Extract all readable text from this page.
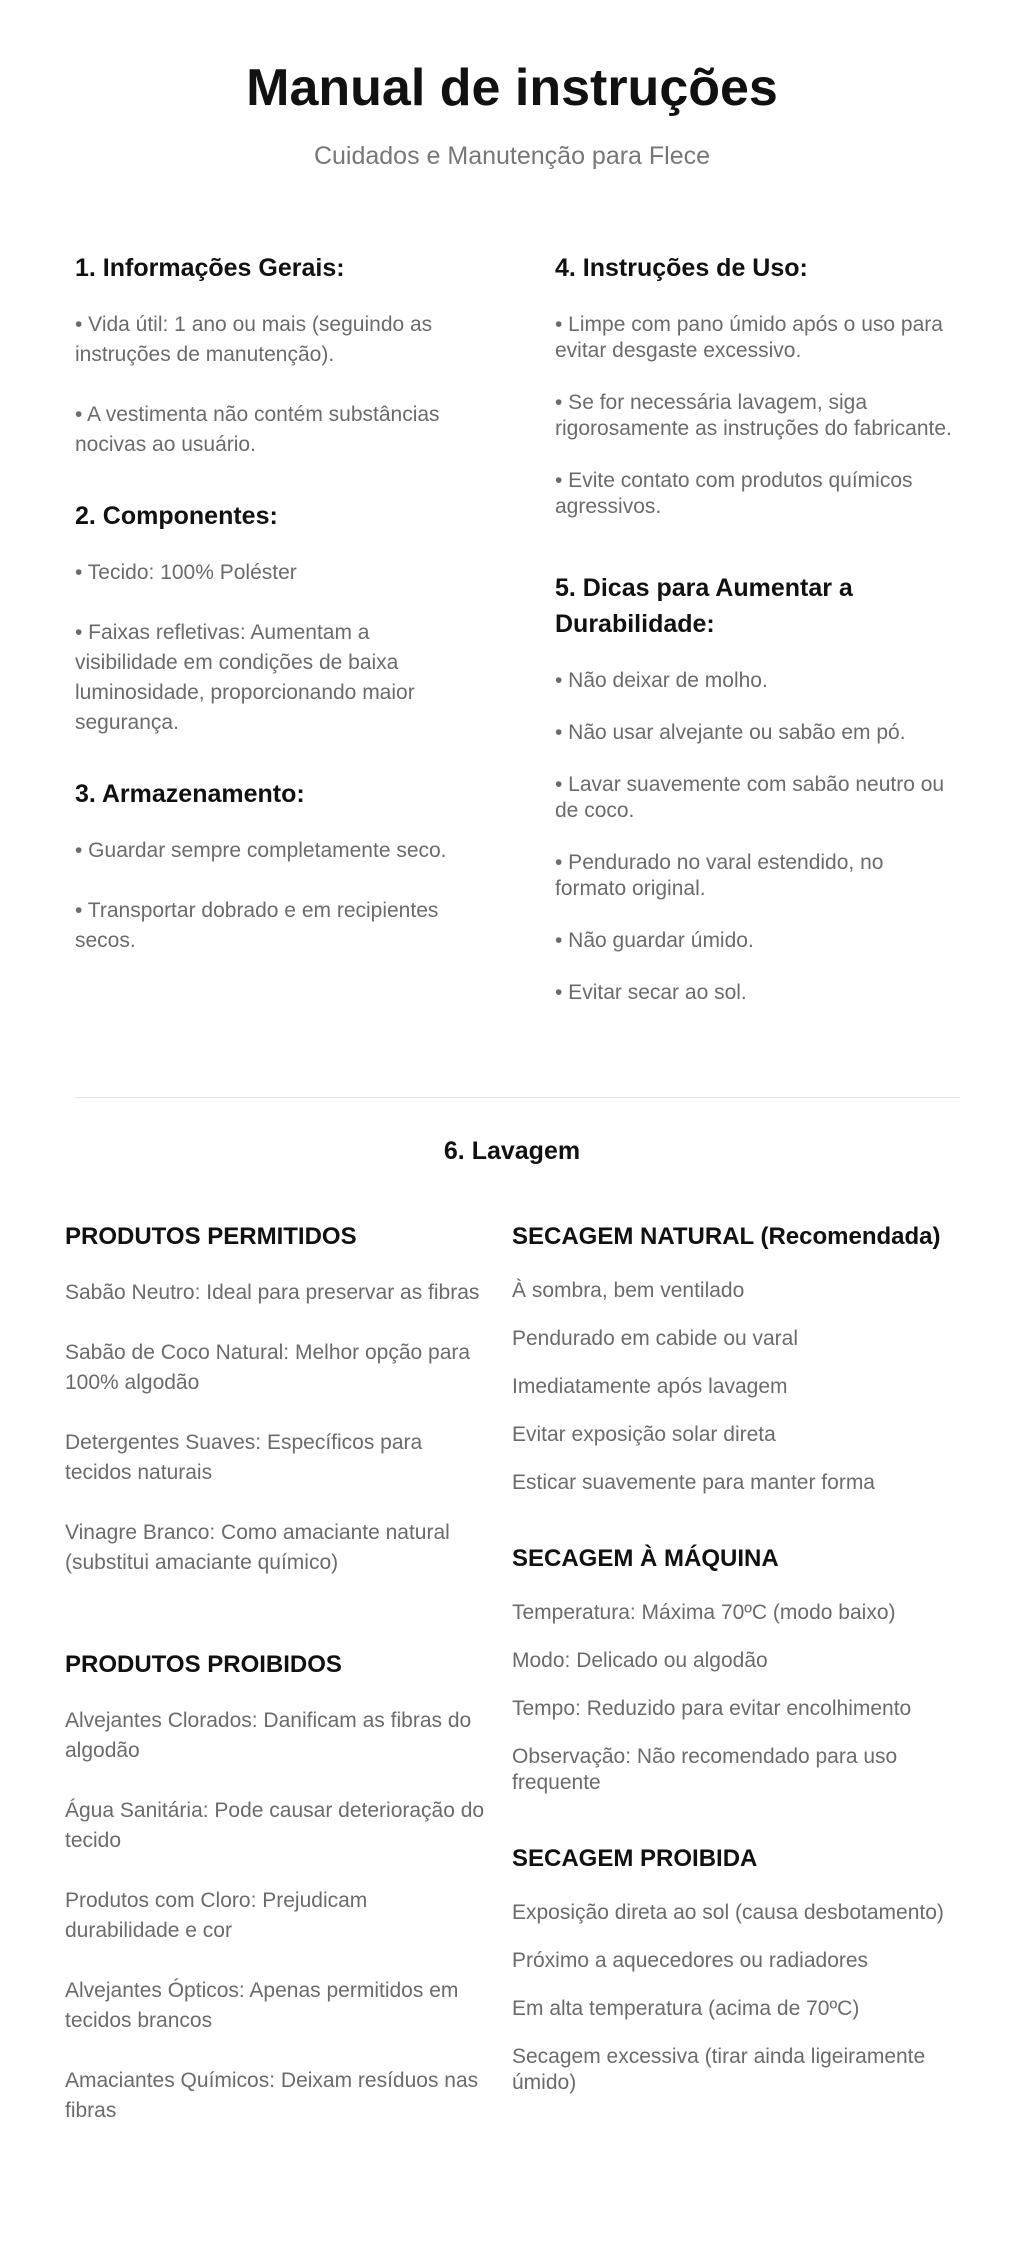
Manual de instruções
Cuidados e Manutenção para Flece
1. Informações Gerais:
• Vida útil: 1 ano ou mais (seguindo as instruções de manutenção).
• A vestimenta não contém substâncias nocivas ao usuário.
2. Componentes:
• Tecido: 100% Poléster
• Faixas refletivas: Aumentam a visibilidade em condições de baixa luminosidade, proporcionando maior segurança.
3. Armazenamento:
• Guardar sempre completamente seco.
• Transportar dobrado e em recipientes secos.
4. Instruções de Uso:
• Limpe com pano úmido após o uso para evitar desgaste excessivo.
• Se for necessária lavagem, siga rigorosamente as instruções do fabricante.
• Evite contato com produtos químicos agressivos.
5. Dicas para Aumentar a Durabilidade:
• Não deixar de molho.
• Não usar alvejante ou sabão em pó.
• Lavar suavemente com sabão neutro ou de coco.
• Pendurado no varal estendido, no formato original.
• Não guardar úmido.
• Evitar secar ao sol.
6. Lavagem
PRODUTOS PERMITIDOS
Sabão Neutro: Ideal para preservar as fibras
Sabão de Coco Natural: Melhor opção para 100% algodão
Detergentes Suaves: Específicos para tecidos naturais
Vinagre Branco: Como amaciante natural (substitui amaciante químico)
PRODUTOS PROIBIDOS
Alvejantes Clorados: Danificam as fibras do algodão
Água Sanitária: Pode causar deterioração do tecido
Produtos com Cloro: Prejudicam durabilidade e cor
Alvejantes Ópticos: Apenas permitidos em tecidos brancos
Amaciantes Químicos: Deixam resíduos nas fibras
SECAGEM NATURAL (Recomendada)
À sombra, bem ventilado
Pendurado em cabide ou varal
Imediatamente após lavagem
Evitar exposição solar direta
Esticar suavemente para manter forma
SECAGEM À MÁQUINA
Temperatura: Máxima 70ºC (modo baixo)
Modo: Delicado ou algodão
Tempo: Reduzido para evitar encolhimento
Observação: Não recomendado para uso frequente
SECAGEM PROIBIDA
Exposição direta ao sol (causa desbotamento)
Próximo a aquecedores ou radiadores
Em alta temperatura (acima de 70ºC)
Secagem excessiva (tirar ainda ligeiramente úmido)
